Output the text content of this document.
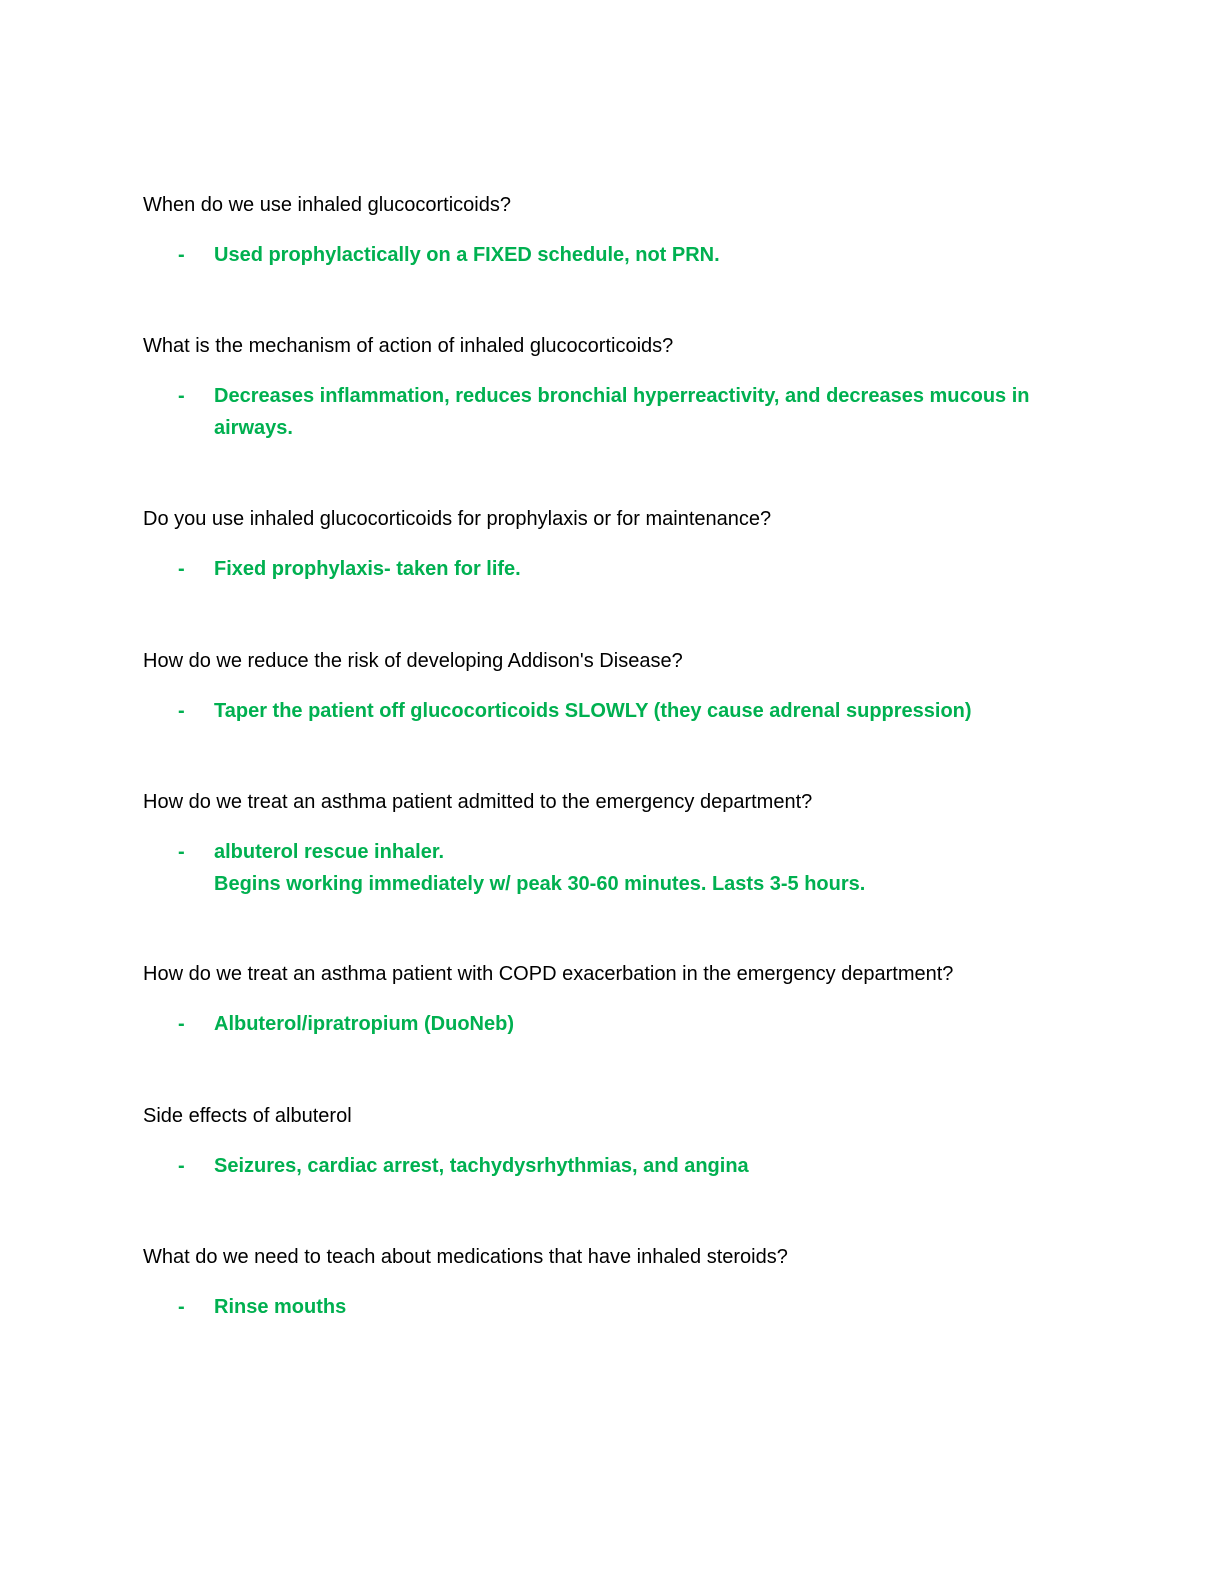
When do we use inhaled glucocorticoids?

- Used prophylactically on a FIXED schedule, not PRN.

What is the mechanism of action of inhaled glucocorticoids?

- Decreases inflammation, reduces bronchial hyperreactivity, and decreases mucous in
airways.

Do you use inhaled glucocorticoids for prophylaxis or for maintenance?

- Fixed prophylaxis- taken for life.

How do we reduce the risk of developing Addison's Disease?

- Taper the patient off glucocorticoids SLOWLY (they cause adrenal suppression)

How do we treat an asthma patient admitted to the emergency department?

- albuterol rescue inhaler.
Begins working immediately w/ peak 30-60 minutes. Lasts 3-5 hours.

How do we treat an asthma patient with COPD exacerbation in the emergency department?

- Albuterol/ipratropium (DuoNeb)

Side effects of albuterol

- Seizures, cardiac arrest, tachydysrhythmias, and angina

What do we need to teach about medications that have inhaled steroids?

- Rinse mouths
